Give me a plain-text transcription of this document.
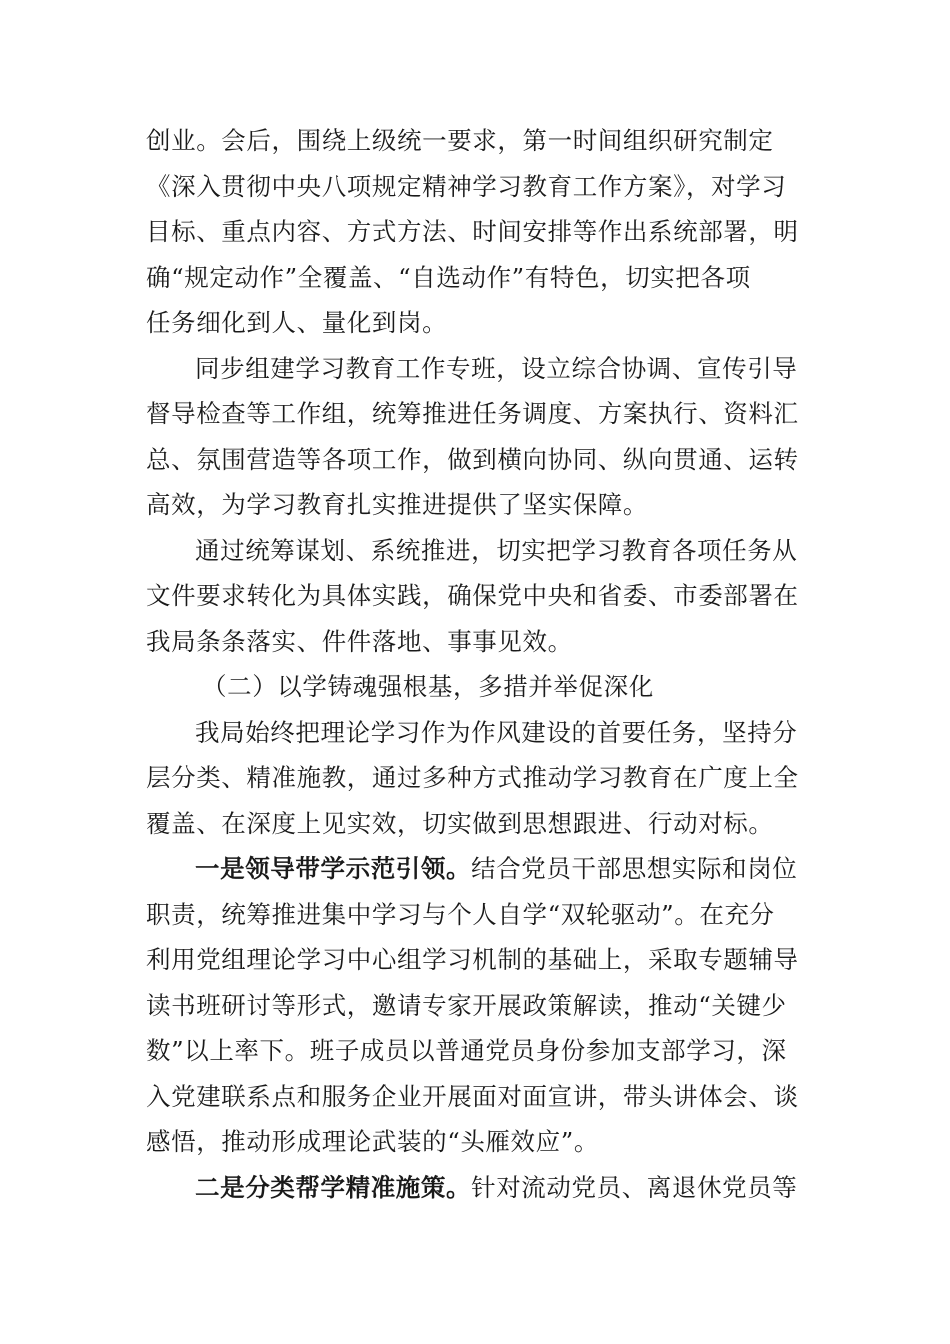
创业。会后，围绕上级统一要求，第一时间组织研究制定
《深入贯彻中央八项规定精神学习教育工作方案》，对学习
目标、重点内容、方式方法、时间安排等作出系统部署，明
确“规定动作”全覆盖、“自选动作”有特色，切实把各项
任务细化到人、量化到岗。
同步组建学习教育工作专班，设立综合协调、宣传引导
督导检查等工作组，统筹推进任务调度、方案执行、资料汇
总、氛围营造等各项工作，做到横向协同、纵向贯通、运转
高效，为学习教育扎实推进提供了坚实保障。
通过统筹谋划、系统推进，切实把学习教育各项任务从
文件要求转化为具体实践，确保党中央和省委、市委部署在
我局条条落实、件件落地、事事见效。
（二）以学铸魂强根基，多措并举促深化
我局始终把理论学习作为作风建设的首要任务，坚持分
层分类、精准施教，通过多种方式推动学习教育在广度上全
覆盖、在深度上见实效，切实做到思想跟进、行动对标。
一是领导带学示范引领。结合党员干部思想实际和岗位
职责，统筹推进集中学习与个人自学“双轮驱动”。在充分
利用党组理论学习中心组学习机制的基础上，采取专题辅导
读书班研讨等形式，邀请专家开展政策解读，推动“关键少
数”以上率下。班子成员以普通党员身份参加支部学习，深
入党建联系点和服务企业开展面对面宣讲，带头讲体会、谈
感悟，推动形成理论武装的“头雁效应”。
二是分类帮学精准施策。针对流动党员、离退休党员等
